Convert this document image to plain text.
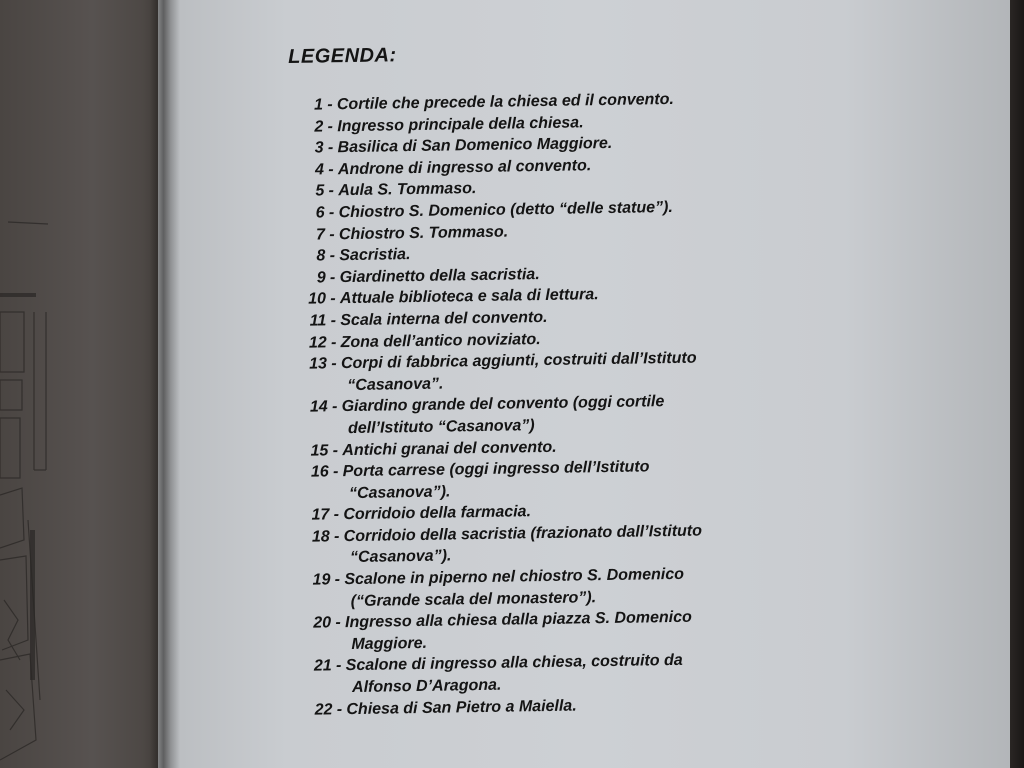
LEGENDA:
1 - Cortile che precede la chiesa ed il convento.
2 - Ingresso principale della chiesa.
3 - Basilica di San Domenico Maggiore.
4 - Androne di ingresso al convento.
5 - Aula S. Tommaso.
6 - Chiostro S. Domenico (detto “delle statue”).
7 - Chiostro S. Tommaso.
8 - Sacristia.
9 - Giardinetto della sacristia.
10 - Attuale biblioteca e sala di lettura.
11 - Scala interna del convento.
12 - Zona dell’antico noviziato.
13 - Corpi di fabbrica aggiunti, costruiti dall’Istituto
“Casanova”.
14 - Giardino grande del convento (oggi cortile
dell’Istituto “Casanova”)
15 - Antichi granai del convento.
16 - Porta carrese (oggi ingresso dell’Istituto
“Casanova”).
17 - Corridoio della farmacia.
18 - Corridoio della sacristia (frazionato dall’Istituto
“Casanova”).
19 - Scalone in piperno nel chiostro S. Domenico
(“Grande scala del monastero”).
20 - Ingresso alla chiesa dalla piazza S. Domenico
Maggiore.
21 - Scalone di ingresso alla chiesa, costruito da
Alfonso D’Aragona.
22 - Chiesa di San Pietro a Maiella.
